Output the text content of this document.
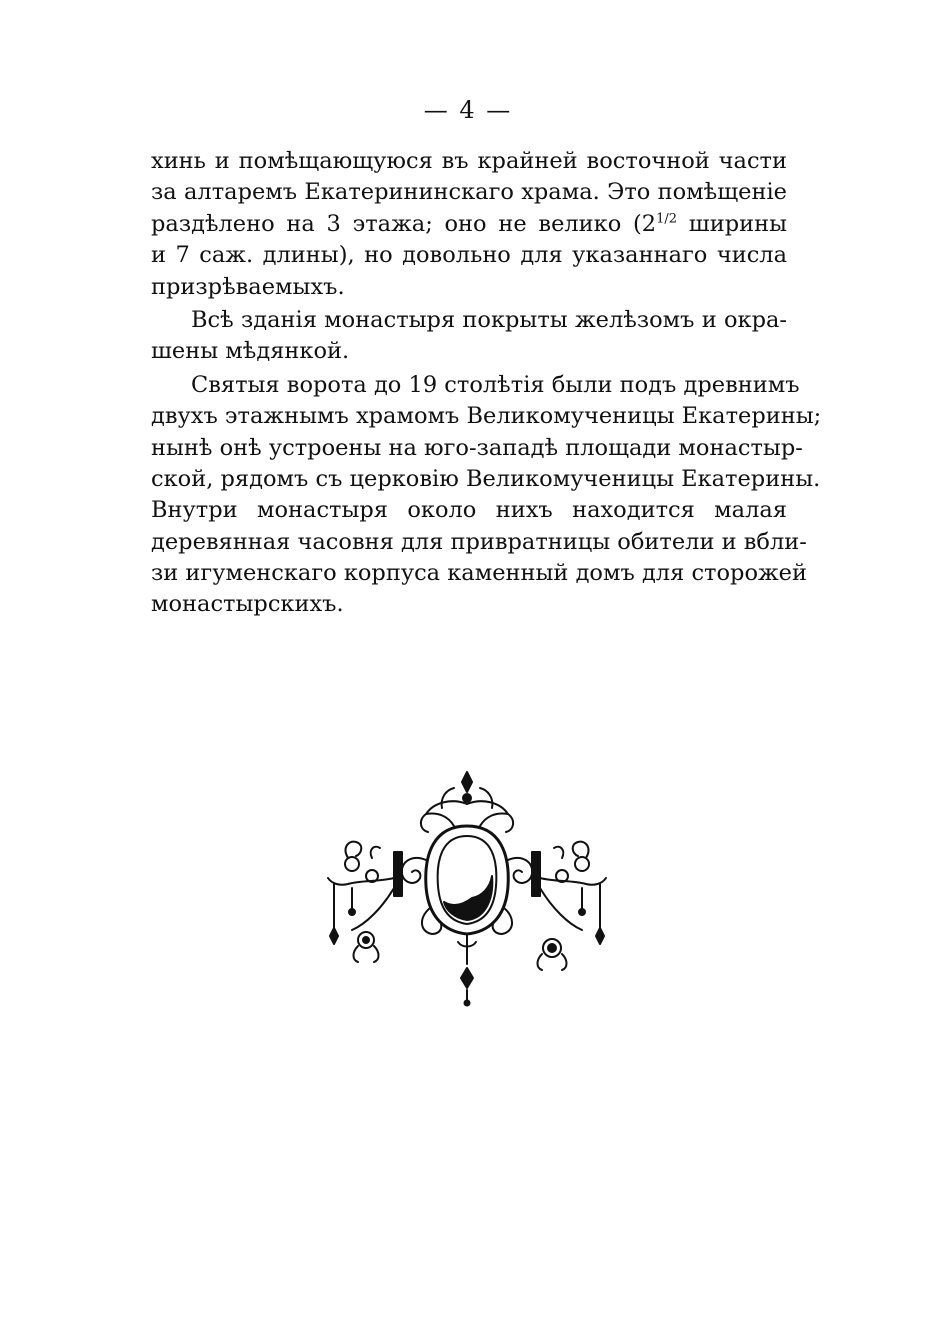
— 4 —
хинь и помѣщающуюся въ крайней восточной части
за алтаремъ Екатерининскаго храма. Это помѣщеніе
раздѣлено на 3 этажа; оно не велико ($2^{1/2}$ ширины
и 7 саж. длины), но довольно для указаннаго числа
призрѣваемыхъ.
Всѣ зданія монастыря покрыты желѣзомъ и окра-
шены мѣдянкой.
Святыя ворота до 19 столѣтія были подъ древнимъ
двухъ этажнымъ храмомъ Великомученицы Екатерины;
нынѣ онѣ устроены на юго-западѣ площади монастыр-
ской, рядомъ съ церковію Великомученицы Екатерины.
Внутри монастыря около нихъ находится малая
деревянная часовня для привратницы обители и вбли-
зи игуменскаго корпуса каменный домъ для сторожей
монастырскихъ.
